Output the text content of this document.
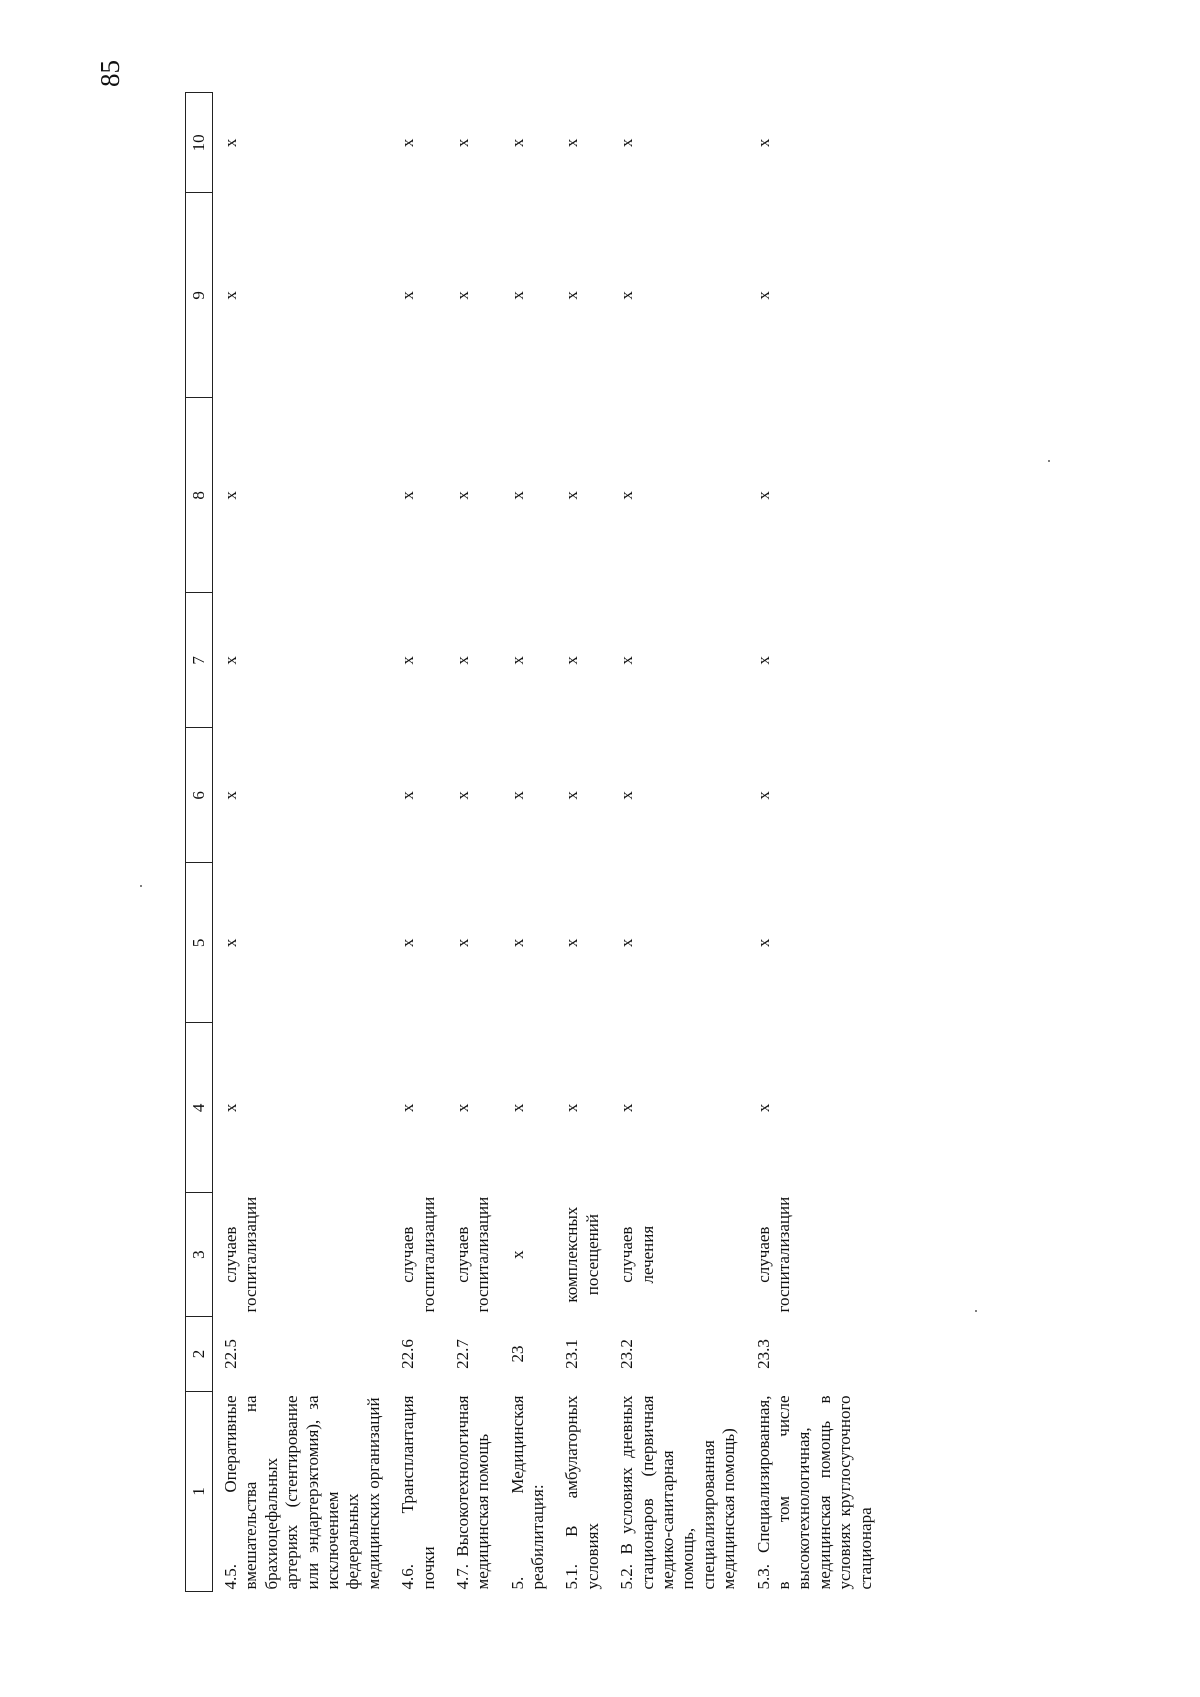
85
1	2	3	4	5	6	7	8	9	10
4.5. Оперативные вмешательства на брахиоцефальных артериях (стентирование или эндартерэктомия), за исключением федеральных медицинских организаций	22.5	случаев госпитализации	x	x	x	x	x	x	x
4.6. Трансплантация почки	22.6	случаев госпитализации	x	x	x	x	x	x	x
4.7. Высокотехнологичная медицинская помощь	22.7	случаев госпитализации	x	x	x	x	x	x	x
5. Медицинская реабилитация:	23	x	x	x	x	x	x	x	x
5.1. В амбулаторных условиях	23.1	комплексных посещений	x	x	x	x	x	x	x
5.2. В условиях дневных стационаров (первичная медико-санитарная помощь, специализированная медицинская помощь)	23.2	случаев лечения	x	x	x	x	x	x	x
5.3. Специализированная, в том числе высокотехнологичная, медицинская помощь в условиях круглосуточного стационара	23.3	случаев госпитализации	x	x	x	x	x	x	x
